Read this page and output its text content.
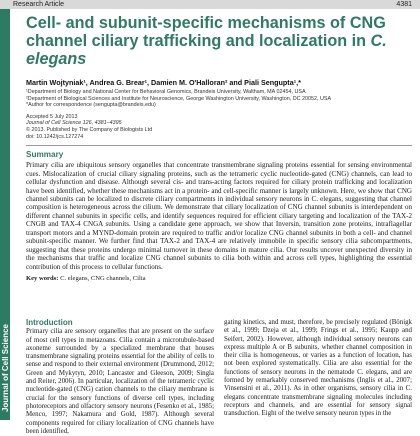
Research Article	4381
Journal of Cell Science
Cell- and subunit-specific mechanisms of CNG channel ciliary trafficking and localization in C. elegans
Martin Wojtyniak¹, Andrea G. Brear¹, Damien M. O'Halloran² and Piali Sengupta¹,*
¹Department of Biology and National Center for Behavioral Genomics, Brandeis University, Waltham, MA 02454, USA
²Department of Biological Sciences and Institute for Neuroscience, George Washington University, Washington, DC 20052, USA
*Author for correspondence (sengupta@brandeis.edu)
Accepted 5 July 2013
Journal of Cell Science 126, 4381–4395
© 2013. Published by The Company of Biologists Ltd
doi: 10.1242/jcs.127274
Summary
Primary cilia are ubiquitous sensory organelles that concentrate transmembrane signaling proteins essential for sensing environmental cues. Mislocalization of crucial ciliary signaling proteins, such as the tetrameric cyclic nucleotide-gated (CNG) channels, can lead to cellular dysfunction and disease. Although several cis- and trans-acting factors required for ciliary protein trafficking and localization have been identified, whether these mechanisms act in a protein- and cell-specific manner is largely unknown. Here, we show that CNG channel subunits can be localized to discrete ciliary compartments in individual sensory neurons in C. elegans, suggesting that channel composition is heterogeneous across the cilium. We demonstrate that ciliary localization of CNG channel subunits is interdependent on different channel subunits in specific cells, and identify sequences required for efficient ciliary targeting and localization of the TAX-2 CNGB and TAX-4 CNGA subunits. Using a candidate gene approach, we show that Inversin, transition zone proteins, intraflagellar transport motors and a MYND-domain protein are required to traffic and/or localize CNG channel subunits in both a cell- and channel subunit-specific manner. We further find that TAX-2 and TAX-4 are relatively immobile in specific sensory cilia subcompartments, suggesting that these proteins undergo minimal turnover in these domains in mature cilia. Our results uncover unexpected diversity in the mechanisms that traffic and localize CNG channel subunits to cilia both within and across cell types, highlighting the essential contribution of this process to cellular functions.
Key words: C. elegans, CNG channels, Cilia
Introduction
Primary cilia are sensory organelles that are present on the surface of most cell types in metazoans. Cilia contain a microtubule-based axoneme surrounded by a specialized membrane that houses transmembrane signaling proteins essential for the ability of cells to sense and respond to their external environment (Drummond, 2012; Green and Mykytyn, 2010; Lancaster and Gleeson, 2009; Singla and Reiter, 2006). In particular, localization of the tetrameric cyclic nucleotide-gated (CNG) cation channels to the ciliary membrane is crucial for the sensory functions of diverse cell types, including photoreceptors and olfactory sensory neurons (Fesenko et al., 1985; Menco, 1997; Nakamura and Gold, 1987). Although several components required for ciliary localization of CNG channels have been identified,
gating kinetics, and must, therefore, be precisely regulated (Bönigk et al., 1999; Dzeja et al., 1999; Frings et al., 1995; Kaupp and Seifert, 2002). However, although individual sensory neurons can express multiple A or B subunits, whether channel composition in their cilia is homogeneous, or varies as a function of location, has not been explored systematically. Cilia are also essential for the functions of sensory neurons in the nematode C. elegans, and are formed by remarkably conserved mechanisms (Inglis et al., 2007; Vinsensini et al., 2011). As in other organisms, sensory cilia in C. elegans concentrate transmembrane signaling molecules including receptors and channels, and are essential for sensory signal transduction. Eight of the twelve sensory neuron types in the
